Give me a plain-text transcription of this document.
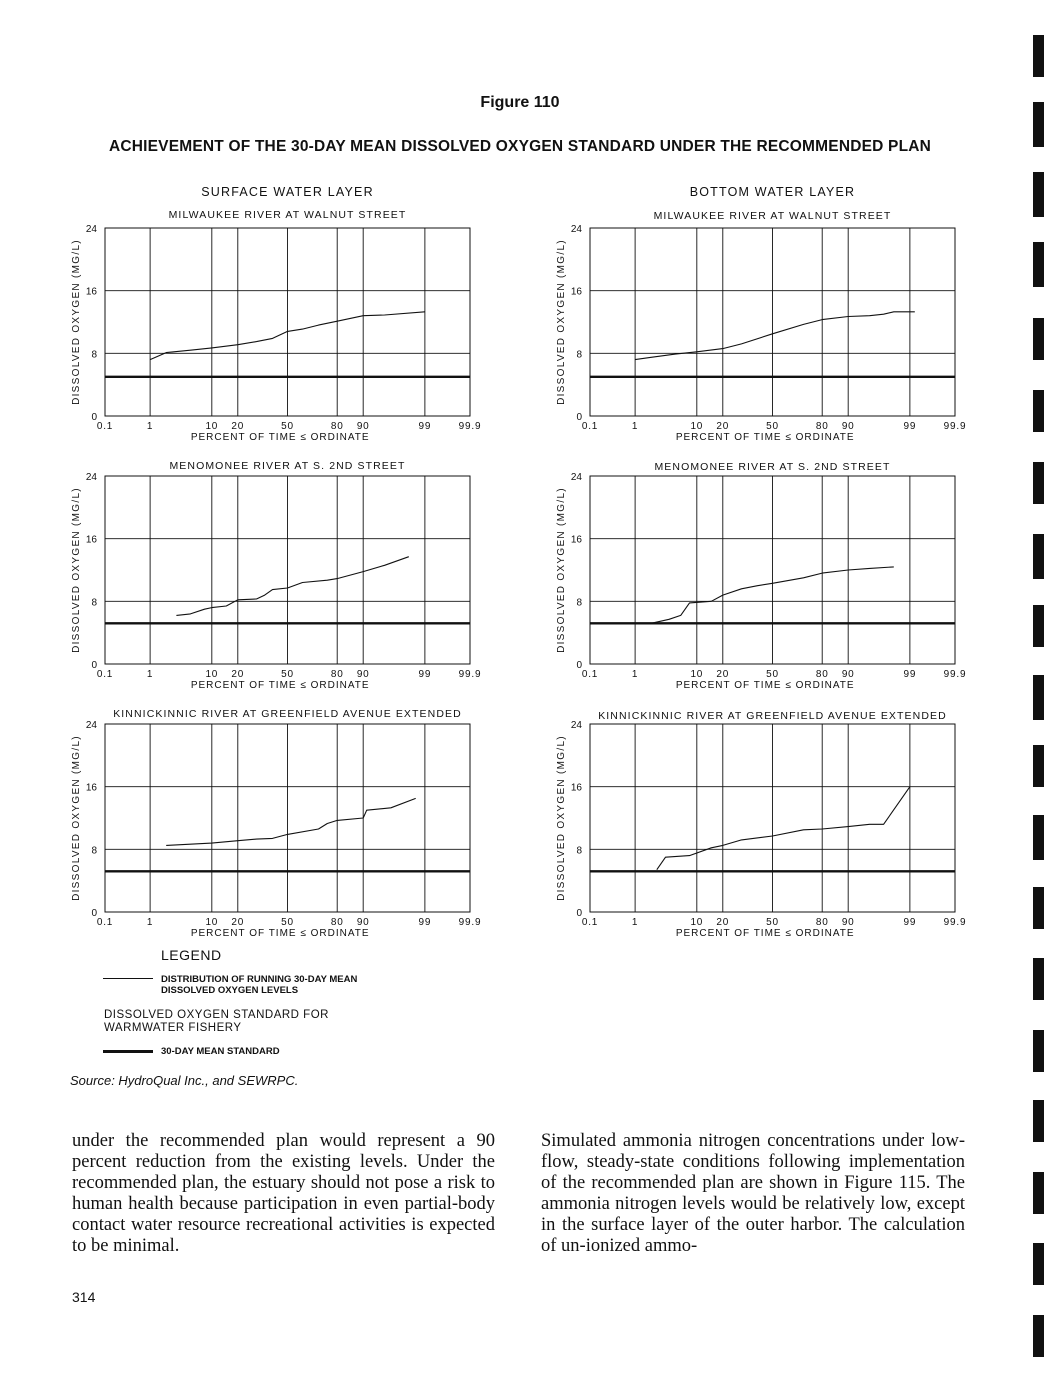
Figure 110
ACHIEVEMENT OF THE 30-DAY MEAN DISSOLVED OXYGEN STANDARD UNDER THE RECOMMENDED PLAN
SURFACE WATER LAYER	BOTTOM WATER LAYER
MILWAUKEE RIVER AT WALNUT STREET	MILWAUKEE RIVER AT WALNUT STREET
MENOMONEE RIVER AT S. 2ND STREET	MENOMONEE RIVER AT S. 2ND STREET
KINNICKINNIC RIVER AT GREENFIELD AVENUE EXTENDED	KINNICKINNIC RIVER AT GREENFIELD AVENUE EXTENDED
0
8
16
24
0.1	1	10 20	50	80 90	99	99.9
PERCENT OF TIME ≤ ORDINATE
DISSOLVED OXYGEN (MG/L)
0
8
16
24
0.1	1	10 20	50	80 90	99	99.9
PERCENT OF TIME ≤ ORDINATE
DISSOLVED OXYGEN (MG/L)
0
8
16
24
0.1	1	10 20	50	80 90	99	99.9
PERCENT OF TIME ≤ ORDINATE
DISSOLVED OXYGEN (MG/L)
0
8
16
24
0.1	1	10 20	50	80 90	99	99.9
PERCENT OF TIME ≤ ORDINATE
DISSOLVED OXYGEN (MG/L)
0
8
16
24
0.1	1	10 20	50	80 90	99	99.9
PERCENT OF TIME ≤ ORDINATE
DISSOLVED OXYGEN (MG/L)
0
8
16
24
0.1	1	10 20	50	80 90	99	99.9
PERCENT OF TIME ≤ ORDINATE
DISSOLVED OXYGEN (MG/L)
LEGEND
DISTRIBUTION OF RUNNING 30-DAY MEAN DISSOLVED OXYGEN LEVELS
DISSOLVED OXYGEN STANDARD FOR WARMWATER FISHERY
30-DAY MEAN STANDARD
Source: HydroQual Inc., and SEWRPC.
under the recommended plan would represent a 90 percent reduction from the existing levels. Under the recommended plan, the estuary should not pose a risk to human health because participation in even partial-body contact water resource recreational activities is expected to be minimal.
Simulated ammonia nitrogen concentrations under low-flow, steady-state conditions following implementation of the recommended plan are shown in Figure 115. The ammonia nitrogen levels would be relatively low, except in the surface layer of the outer harbor. The calculation of un-ionized ammo-
314
